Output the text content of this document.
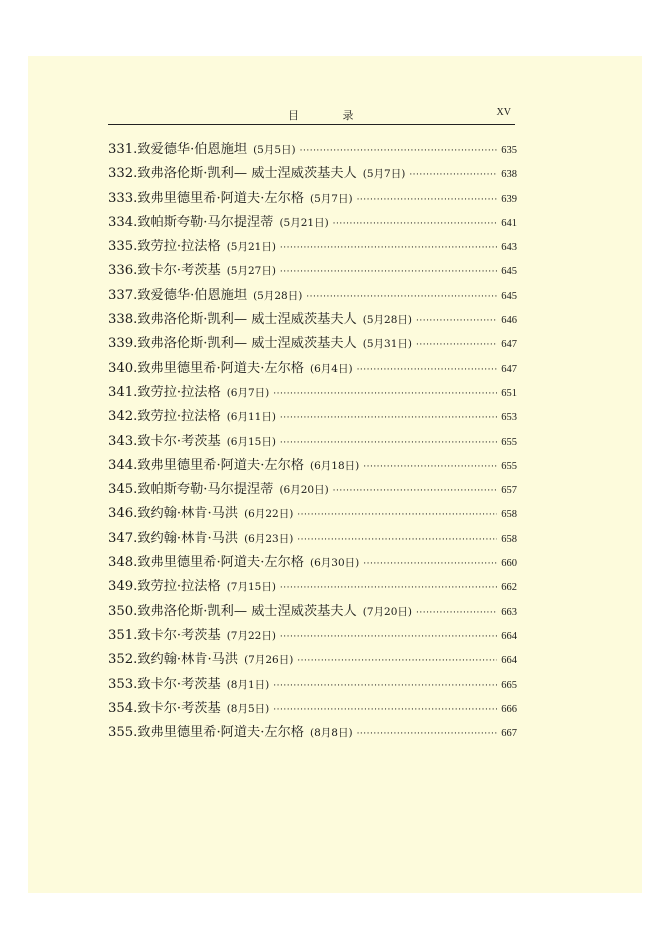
目 录	XV
331.致爱德华·伯恩施坦 (5月5日) ·····	635
332.致弗洛伦斯·凯利— 威士涅威茨基夫人 (5月7日) ·····	638
333.致弗里德里希·阿道夫·左尔格 (5月7日) ·····	639
334.致帕斯夸勒·马尔提涅蒂 (5月21日) ·····	641
335.致劳拉·拉法格 (5月21日) ·····	643
336.致卡尔·考茨基 (5月27日) ·····	645
337.致爱德华·伯恩施坦 (5月28日) ·····	645
338.致弗洛伦斯·凯利— 威士涅威茨基夫人 (5月28日) ·····	646
339.致弗洛伦斯·凯利— 威士涅威茨基夫人 (5月31日) ·····	647
340.致弗里德里希·阿道夫·左尔格 (6月4日) ·····	647
341.致劳拉·拉法格 (6月7日) ·····	651
342.致劳拉·拉法格 (6月11日) ·····	653
343.致卡尔·考茨基 (6月15日) ·····	655
344.致弗里德里希·阿道夫·左尔格 (6月18日) ·····	655
345.致帕斯夸勒·马尔提涅蒂 (6月20日) ·····	657
346.致约翰·林肯·马洪 (6月22日) ·····	658
347.致约翰·林肯·马洪 (6月23日) ·····	658
348.致弗里德里希·阿道夫·左尔格 (6月30日) ·····	660
349.致劳拉·拉法格 (7月15日) ·····	662
350.致弗洛伦斯·凯利— 威士涅威茨基夫人 (7月20日) ·····	663
351.致卡尔·考茨基 (7月22日) ·····	664
352.致约翰·林肯·马洪 (7月26日) ·····	664
353.致卡尔·考茨基 (8月1日) ·····	665
354.致卡尔·考茨基 (8月5日) ·····	666
355.致弗里德里希·阿道夫·左尔格 (8月8日) ·····	667
